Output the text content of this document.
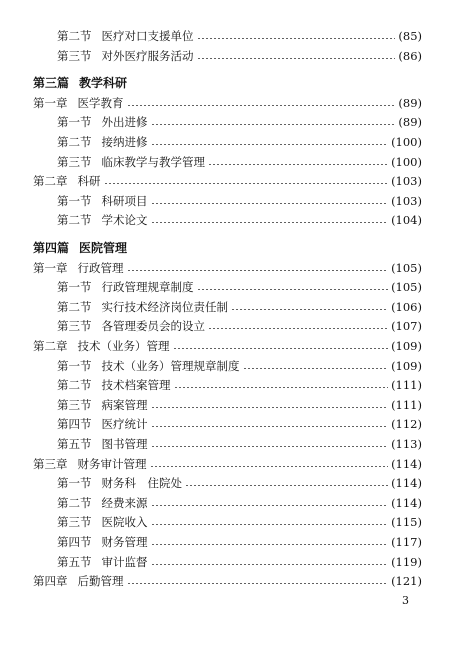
第二节 医疗对口支援单位	(85)
第三节 对外医疗服务活动	(86)
第三篇 教学科研
第一章 医学教育	(89)
第一节 外出进修	(89)
第二节 接纳进修	(100)
第三节 临床教学与教学管理	(100)
第二章 科研	(103)
第一节 科研项目	(103)
第二节 学术论文	(104)
第四篇 医院管理
第一章 行政管理	(105)
第一节 行政管理规章制度	(105)
第二节 实行技术经济岗位责任制	(106)
第三节 各管理委员会的设立	(107)
第二章 技术（业务）管理	(109)
第一节 技术（业务）管理规章制度	(109)
第二节 技术档案管理	(111)
第三节 病案管理	(111)
第四节 医疗统计	(112)
第五节 图书管理	(113)
第三章 财务审计管理	(114)
第一节 财务科　住院处	(114)
第二节 经费来源	(114)
第三节 医院收入	(115)
第四节 财务管理	(117)
第五节 审计监督	(119)
第四章 后勤管理	(121)
3
